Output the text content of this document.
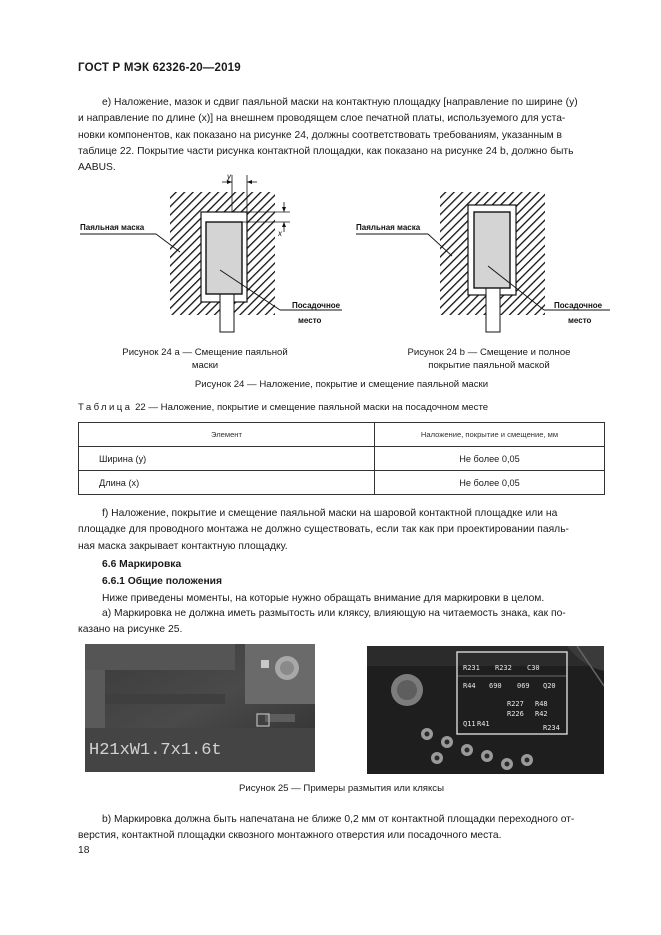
ГОСТ Р МЭК 62326-20—2019
e) Наложение, мазок и сдвиг паяльной маски на контактную площадку [направление по ширине (y)
и направление по длине (x)] на внешнем проводящем слое печатной платы, используемого для уста-
новки компонентов, как показано на рисунке 24, должны соответствовать требованиям, указанным в
таблице 22. Покрытие части рисунка контактной площадки, как показано на рисунке 24 b, должно быть
AABUS.
y
x
Паяльная маска
Посадочное
место
Рисунок 24 a — Смещение паяльной
маски
Паяльная маска
Посадочное
место
Рисунок 24 b — Смещение и полное
покрытие паяльной маской
Рисунок 24 — Наложение, покрытие и смещение паяльной маски
Таблица 22 — Наложение, покрытие и смещение паяльной маски на посадочном месте
Элемент	Наложение, покрытие и смещение, мм
Ширина (y)	Не более 0,05
Длина (x)	Не более 0,05
f) Наложение, покрытие и смещение паяльной маски на шаровой контактной площадке или на
площадке для проводного монтажа не должно существовать, если так как при проектировании паяль-
ная маска закрывает контактную площадку.
6.6 Маркировка
6.6.1 Общие положения
Ниже приведены моменты, на которые нужно обращать внимание для маркировки в целом.
a) Маркировка не должна иметь размытость или кляксу, влияющую на читаемость знака, как по-
казано на рисунке 25.
H21xW1.7x1.6t
R231 R232 C30
R44 690 069 Q20
R227 R48
R226 R42
R41
Q11	R234
Рисунок 25 — Примеры размытия или кляксы
b) Маркировка должна быть напечатана не ближе 0,2 мм от контактной площадки переходного от-
верстия, контактной площадки сквозного монтажного отверстия или посадочного места.
18
